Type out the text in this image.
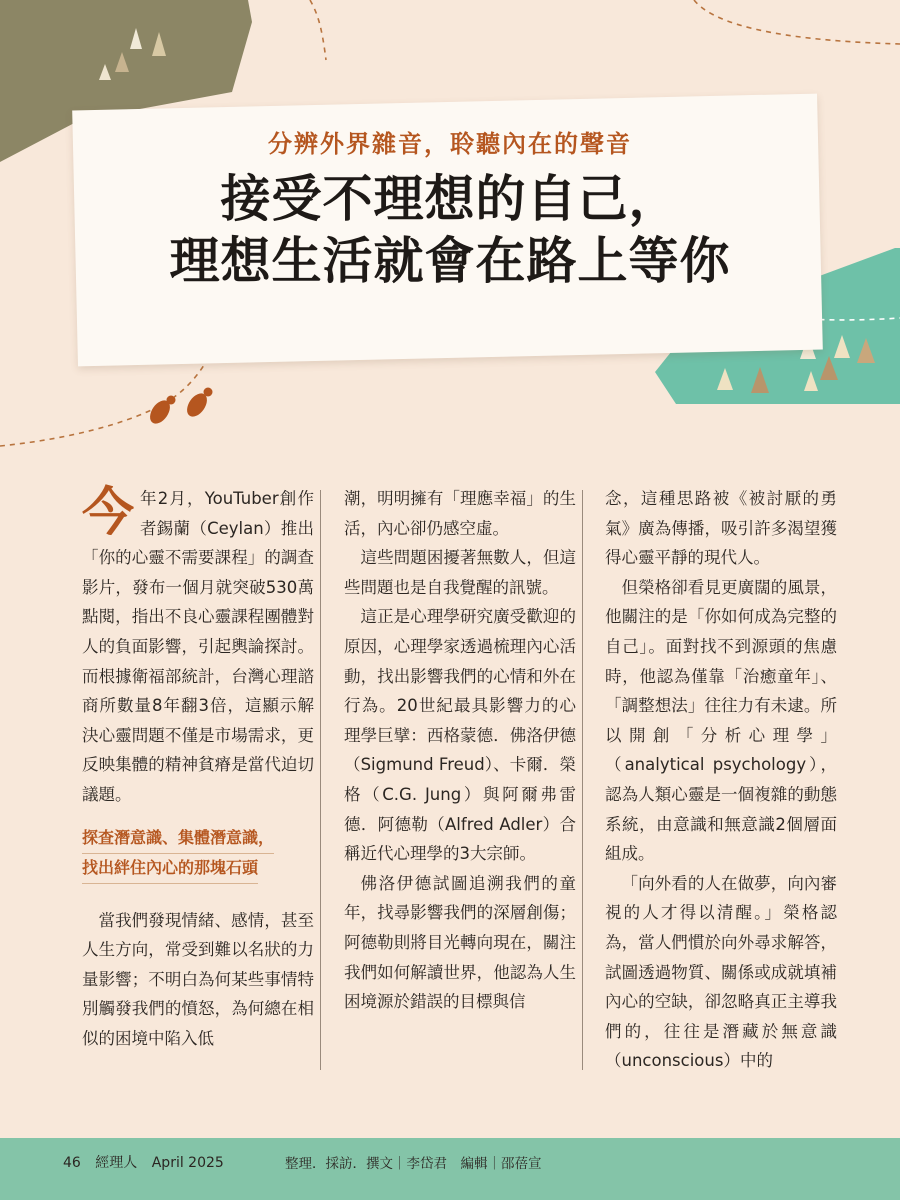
分辨外界雜音，聆聽內在的聲音
接受不理想的自己，
理想生活就會在路上等你

今年2月，YouTuber創作者錫蘭（Ceylan）推出「你的心靈不需要課程」的調查影片，發布一個月就突破530萬點閱，指出不良心靈課程團體對人的負面影響，引起輿論探討。而根據衛福部統計，台灣心理諮商所數量8年翻3倍，這顯示解決心靈問題不僅是市場需求，更反映集體的精神貧瘠是當代迫切議題。

探查潛意識、集體潛意識，
找出絆住內心的那塊石頭

當我們發現情緒、感情，甚至人生方向，常受到難以名狀的力量影響；不明白為何某些事情特別觸發我們的憤怒，為何總在相似的困境中陷入低

潮，明明擁有「理應幸福」的生活，內心卻仍感空虛。

這些問題困擾著無數人，但這些問題也是自我覺醒的訊號。

這正是心理學研究廣受歡迎的原因，心理學家透過梳理內心活動，找出影響我們的心情和外在行為。20世紀最具影響力的心理學巨擘：西格蒙德．佛洛伊德（Sigmund Freud）、卡爾．榮格（C.G. Jung）與阿爾弗雷德．阿德勒（Alfred Adler）合稱近代心理學的3大宗師。

佛洛伊德試圖追溯我們的童年，找尋影響我們的深層創傷；阿德勒則將目光轉向現在，關注我們如何解讀世界，他認為人生困境源於錯誤的目標與信

念，這種思路被《被討厭的勇氣》廣為傳播，吸引許多渴望獲得心靈平靜的現代人。

但榮格卻看見更廣闊的風景，他關注的是「你如何成為完整的自己」。面對找不到源頭的焦慮時，他認為僅靠「治癒童年」、「調整想法」往往力有未逮。所以開創「分析心理學」（analytical psychology），認為人類心靈是一個複雜的動態系統，由意識和無意識2個層面組成。

「向外看的人在做夢，向內審視的人才得以清醒。」榮格認為，當人們慣於向外尋求解答，試圖透過物質、關係或成就填補內心的空缺，卻忽略真正主導我們的，往往是潛藏於無意識（unconscious）中的

46 經理人 April 2025	整理．採訪．撰文｜李岱君　編輯｜邵蓓宣
